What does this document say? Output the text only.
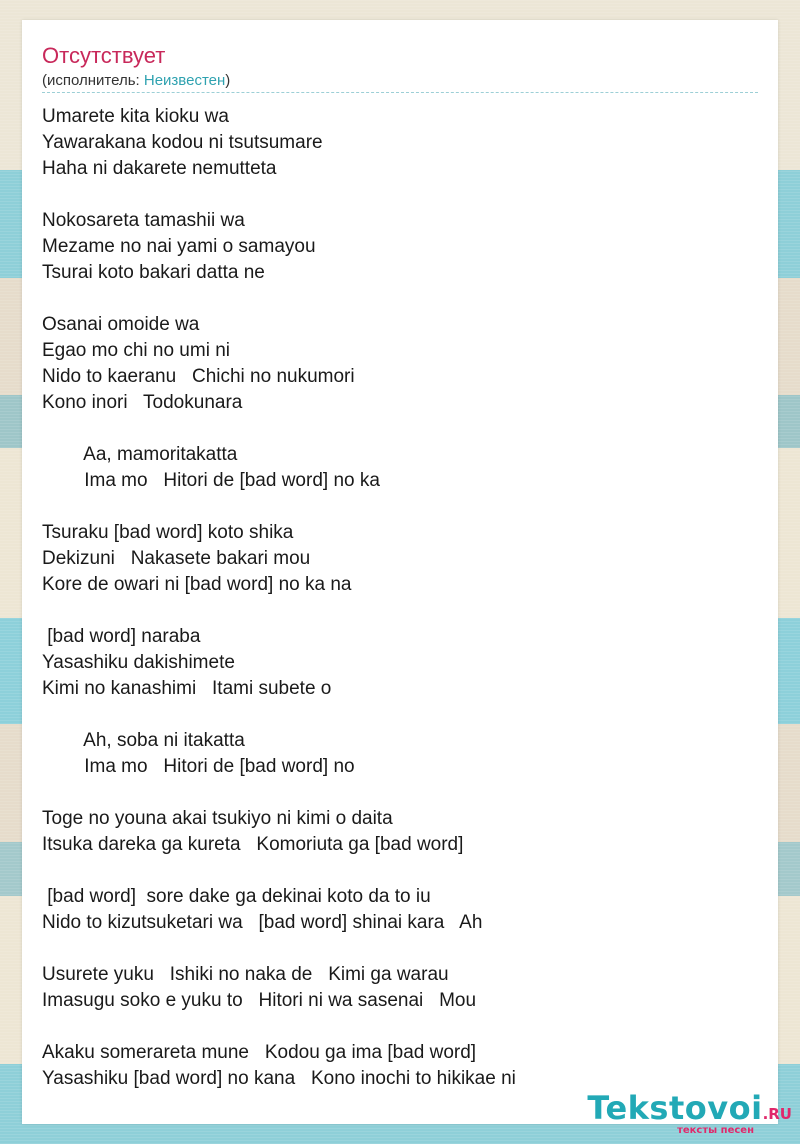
Отсутствует
(исполнитель: Неизвестен)
Umarete kita kioku wa
Yawarakana kodou ni tsutsumare
Haha ni dakarete nemutteta
Nokosareta tamashii wa
Mezame no nai yami o samayou
Tsurai koto bakari datta ne
Osanai omoide wa
Egao mo chi no umi ni
Nido to kaeranu   Chichi no nukumori
Kono inori   Todokunara
Aa, mamoritakatta
Ima mo   Hitori de [bad word] no ka
Tsuraku [bad word] koto shika
Dekizuni   Nakasete bakari mou
Kore de owari ni [bad word] no ka na
[bad word] naraba
Yasashiku dakishimete
Kimi no kanashimi   Itami subete o
Ah, soba ni itakatta
Ima mo   Hitori de [bad word] no
Toge no youna akai tsukiyo ni kimi o daita
Itsuka dareka ga kureta   Komoriuta ga [bad word]
[bad word]  sore dake ga dekinai koto da to iu
Nido to kizutsuketari wa   [bad word] shinai kara   Ah
Usurete yuku   Ishiki no naka de   Kimi ga warau
Imasugu soko e yuku to   Hitori ni wa sasenai   Mou
Akaku somerareta mune   Kodou ga ima [bad word]
Yasashiku [bad word] no kana   Kono inochi to hikikae ni
Tekstovoi.RU
тексты песен
